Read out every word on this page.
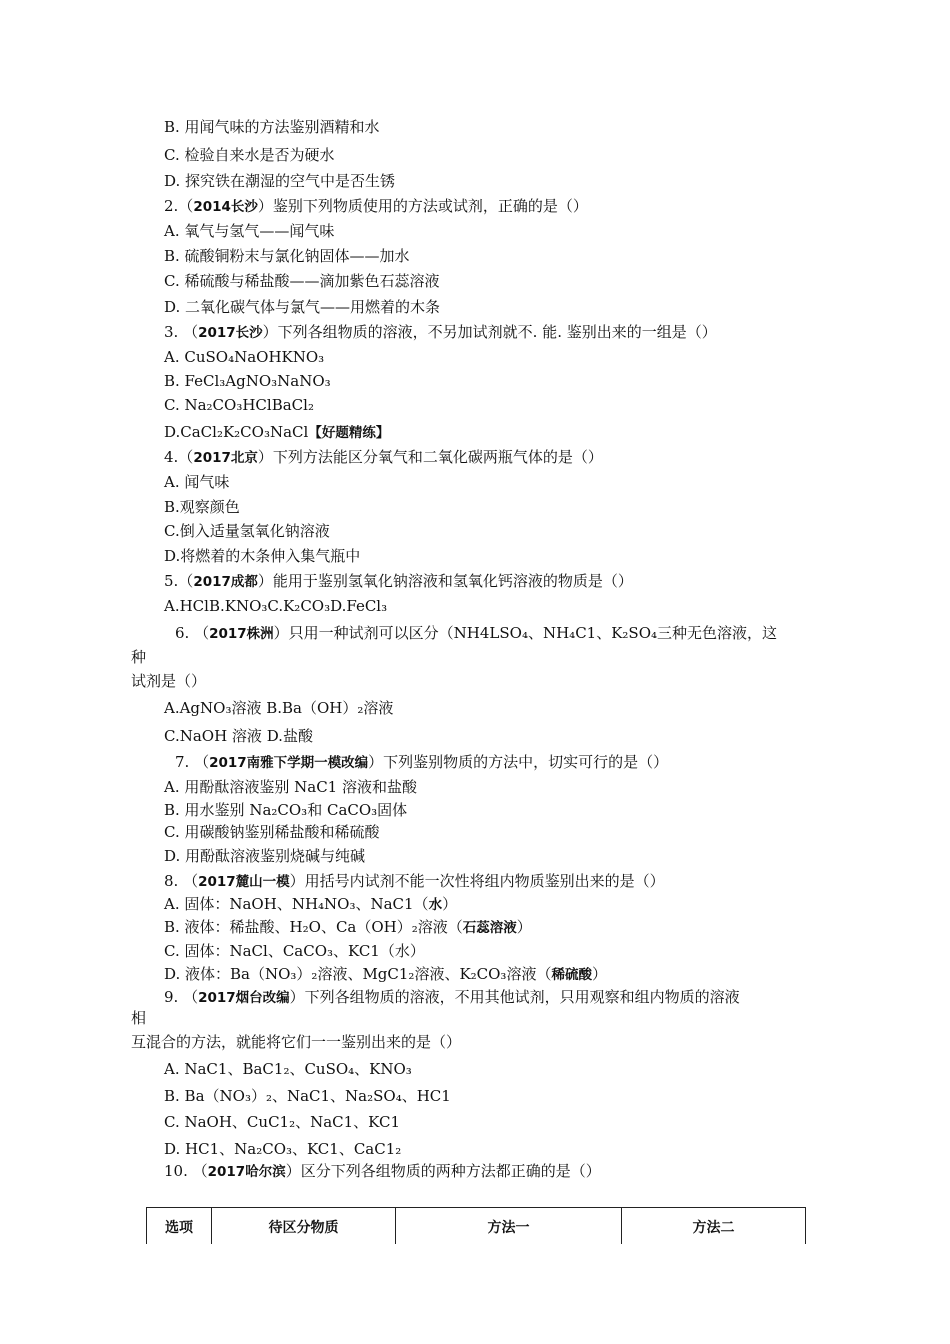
B. 用闻气味的方法鉴别酒精和水
C. 检验自来水是否为硬水
D. 探究铁在潮湿的空气中是否生锈
2.（2014长沙）鉴别下列物质使用的方法或试剂，正确的是（）
A. 氧气与氢气——闻气味
B. 硫酸铜粉末与氯化钠固体——加水
C. 稀硫酸与稀盐酸——滴加紫色石蕊溶液
D. 二氧化碳气体与氯气——用燃着的木条
3. （2017长沙）下列各组物质的溶液，不另加试剂就不. 能. 鉴别出来的一组是（）
A. CuSO₄NaOHKNO₃
B. FeCl₃AgNO₃NaNO₃
C. Na₂CO₃HClBaCl₂
D.CaCl₂K₂CO₃NaCl【好题精练】
4.（2017北京）下列方法能区分氧气和二氧化碳两瓶气体的是（）
A. 闻气味
B.观察颜色
C.倒入适量氢氧化钠溶液
D.将燃着的木条伸入集气瓶中
5.（2017成都）能用于鉴别氢氧化钠溶液和氢氧化钙溶液的物质是（）
A.HClB.KNO₃C.K₂CO₃D.FeCl₃
6. （2017株洲）只用一种试剂可以区分（NH4LSO₄、NH₄C1、K₂SO₄三种无色溶液，这
种
试剂是（）
A.AgNO₃溶液 B.Ba（OH）₂溶液
C.NaOH 溶液 D.盐酸
7. （2017南雅下学期一模改编）下列鉴别物质的方法中，切实可行的是（）
A. 用酚酞溶液鉴别 NaC1 溶液和盐酸
B. 用水鉴别 Na₂CO₃和 CaCO₃固体
C. 用碳酸钠鉴别稀盐酸和稀硫酸
D. 用酚酞溶液鉴别烧碱与纯碱
8. （2017麓山一模）用括号内试剂不能一次性将组内物质鉴别出来的是（）
A. 固体：NaOH、NH₄NO₃、NaC1（水）
B. 液体：稀盐酸、H₂O、Ca（OH）₂溶液（石蕊溶液）
C. 固体：NaCl、CaCO₃、KC1（水）
D. 液体：Ba（NO₃）₂溶液、MgC1₂溶液、K₂CO₃溶液（稀硫酸）
9. （2017烟台改编）下列各组物质的溶液，不用其他试剂，只用观察和组内物质的溶液
相
互混合的方法，就能将它们一一鉴别出来的是（）
A. NaC1、BaC1₂、CuSO₄、KNO₃
B. Ba（NO₃）₂、NaC1、Na₂SO₄、HC1
C. NaOH、CuC1₂、NaC1、KC1
D. HC1、Na₂CO₃、KC1、CaC1₂
10. （2017哈尔滨）区分下列各组物质的两种方法都正确的是（）
选项	待区分物质	方法一	方法二
